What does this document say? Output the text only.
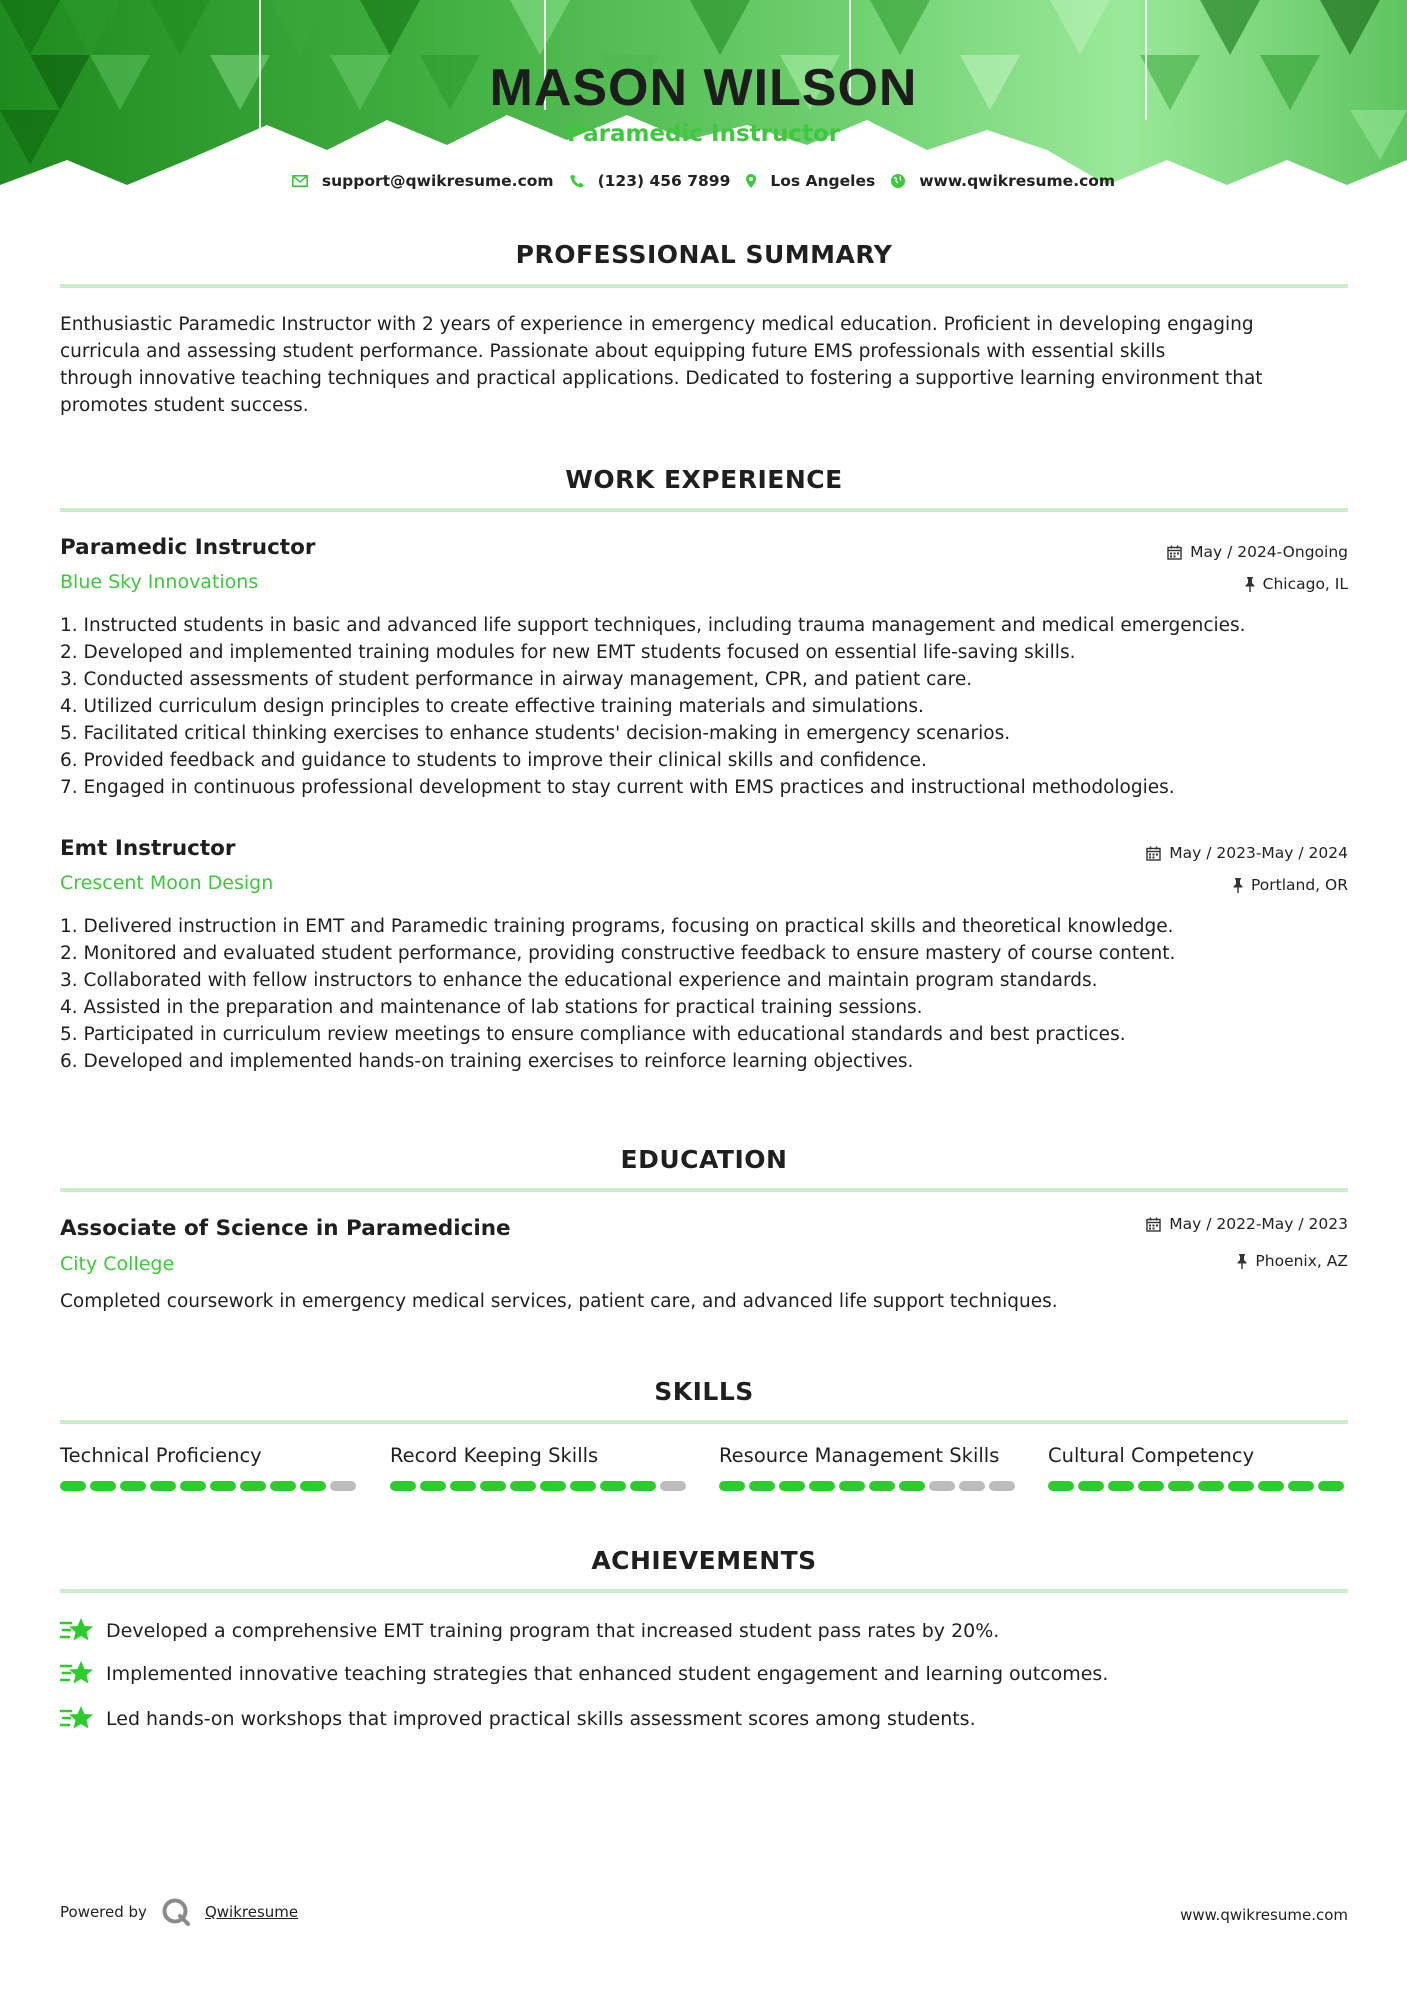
MASON WILSON
Paramedic Instructor
support@qwikresume.com	(123) 456 7899	Los Angeles	www.qwikresume.com
PROFESSIONAL SUMMARY
Enthusiastic Paramedic Instructor with 2 years of experience in emergency medical education. Proficient in developing engaging
curricula and assessing student performance. Passionate about equipping future EMS professionals with essential skills
through innovative teaching techniques and practical applications. Dedicated to fostering a supportive learning environment that
promotes student success.
WORK EXPERIENCE
Paramedic Instructor	May / 2024-Ongoing
Blue Sky Innovations	Chicago, IL
1. Instructed students in basic and advanced life support techniques, including trauma management and medical emergencies.
2. Developed and implemented training modules for new EMT students focused on essential life-saving skills.
3. Conducted assessments of student performance in airway management, CPR, and patient care.
4. Utilized curriculum design principles to create effective training materials and simulations.
5. Facilitated critical thinking exercises to enhance students' decision-making in emergency scenarios.
6. Provided feedback and guidance to students to improve their clinical skills and confidence.
7. Engaged in continuous professional development to stay current with EMS practices and instructional methodologies.
Emt Instructor	May / 2023-May / 2024
Crescent Moon Design	Portland, OR
1. Delivered instruction in EMT and Paramedic training programs, focusing on practical skills and theoretical knowledge.
2. Monitored and evaluated student performance, providing constructive feedback to ensure mastery of course content.
3. Collaborated with fellow instructors to enhance the educational experience and maintain program standards.
4. Assisted in the preparation and maintenance of lab stations for practical training sessions.
5. Participated in curriculum review meetings to ensure compliance with educational standards and best practices.
6. Developed and implemented hands-on training exercises to reinforce learning objectives.
EDUCATION
Associate of Science in Paramedicine	May / 2022-May / 2023
City College	Phoenix, AZ
Completed coursework in emergency medical services, patient care, and advanced life support techniques.
SKILLS
Technical Proficiency	Record Keeping Skills	Resource Management Skills	Cultural Competency
ACHIEVEMENTS
Developed a comprehensive EMT training program that increased student pass rates by 20%.
Implemented innovative teaching strategies that enhanced student engagement and learning outcomes.
Led hands-on workshops that improved practical skills assessment scores among students.
Powered by	Qwikresume	www.qwikresume.com
